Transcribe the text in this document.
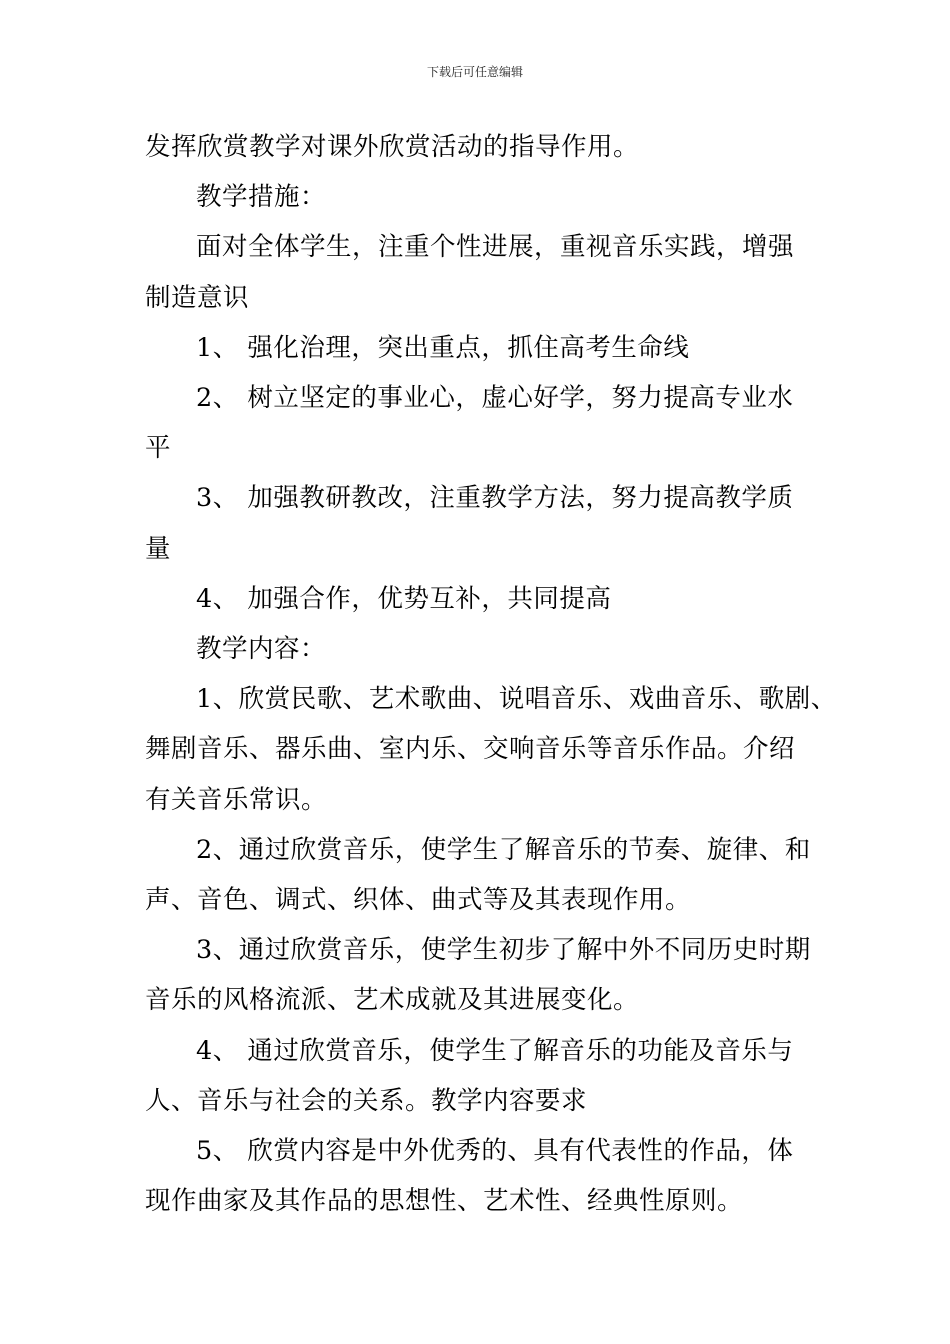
下载后可任意编辑

发挥欣赏教学对课外欣赏活动的指导作用。

教学措施：

面对全体学生，注重个性进展，重视音乐实践，增强

制造意识

1、 强化治理，突出重点，抓住高考生命线

2、 树立坚定的事业心，虚心好学，努力提高专业水

平

3、 加强教研教改，注重教学方法，努力提高教学质

量

4、 加强合作，优势互补，共同提高

教学内容：

1、欣赏民歌、艺术歌曲、说唱音乐、戏曲音乐、歌剧、

舞剧音乐、器乐曲、室内乐、交响音乐等音乐作品。介绍

有关音乐常识。

2、通过欣赏音乐，使学生了解音乐的节奏、旋律、和

声、音色、调式、织体、曲式等及其表现作用。

3、通过欣赏音乐，使学生初步了解中外不同历史时期

音乐的风格流派、艺术成就及其进展变化。

4、 通过欣赏音乐，使学生了解音乐的功能及音乐与

人、音乐与社会的关系。教学内容要求

5、 欣赏内容是中外优秀的、具有代表性的作品，体

现作曲家及其作品的思想性、艺术性、经典性原则。
